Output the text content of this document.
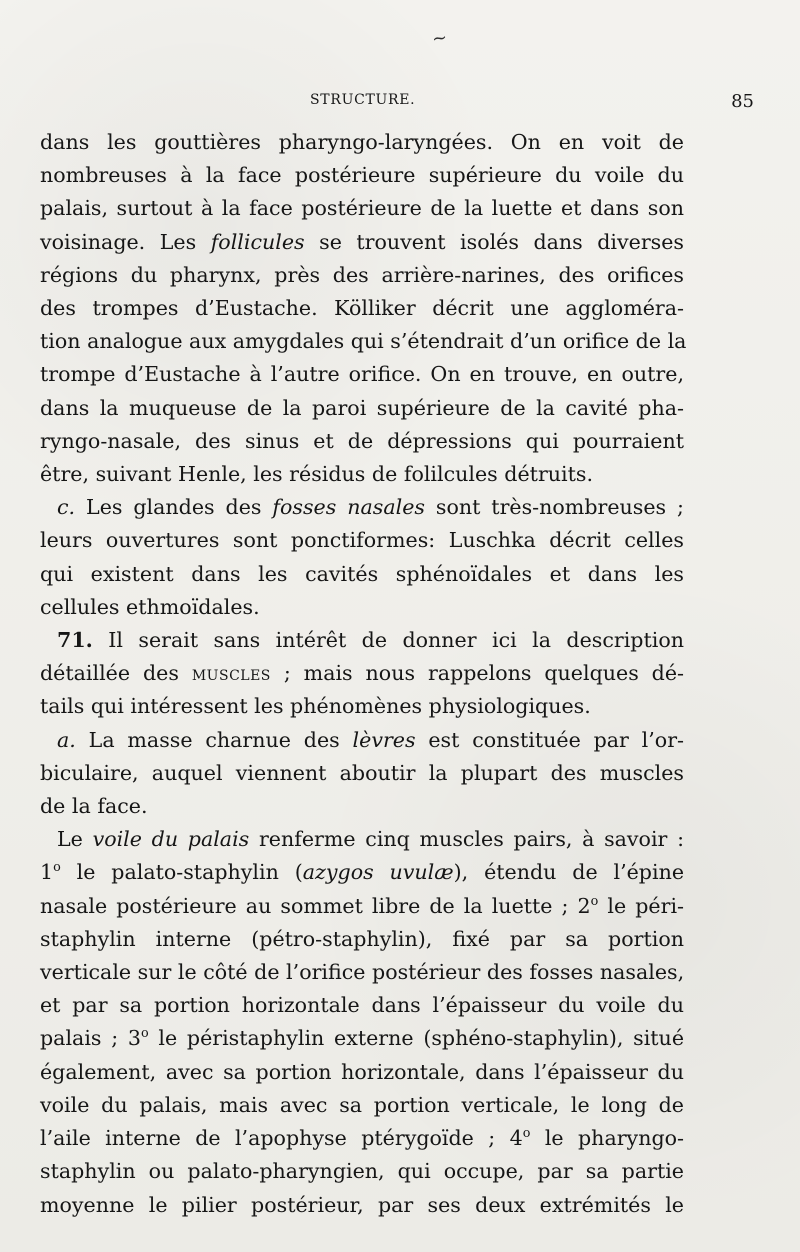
~
STRUCTURE.	85
dans les gouttières pharyngo-laryngées. On en voit de
nombreuses à la face postérieure supérieure du voile du
palais, surtout à la face postérieure de la luette et dans son
voisinage. Les follicules se trouvent isolés dans diverses
régions du pharynx, près des arrière-narines, des orifices
des trompes d’Eustache. Kölliker décrit une aggloméra-
tion analogue aux amygdales qui s’étendrait d’un orifice de la
trompe d’Eustache à l’autre orifice. On en trouve, en outre,
dans la muqueuse de la paroi supérieure de la cavité pha-
ryngo-nasale, des sinus et de dépressions qui pourraient
être, suivant Henle, les résidus de folilcules détruits.
c. Les glandes des fosses nasales sont très-nombreuses ;
leurs ouvertures sont ponctiformes: Luschka décrit celles
qui existent dans les cavités sphénoïdales et dans les
cellules ethmoïdales.
71. Il serait sans intérêt de donner ici la description
détaillée des muscles ; mais nous rappelons quelques dé-
tails qui intéressent les phénomènes physiologiques.
a. La masse charnue des lèvres est constituée par l’or-
biculaire, auquel viennent aboutir la plupart des muscles
de la face.
Le voile du palais renferme cinq muscles pairs, à savoir :
1$^o$ le palato-staphylin (azygos uvulæ), étendu de l’épine
nasale postérieure au sommet libre de la luette ; 2$^o$ le péri-
staphylin interne (pétro-staphylin), fixé par sa portion
verticale sur le côté de l’orifice postérieur des fosses nasales,
et par sa portion horizontale dans l’épaisseur du voile du
palais ; 3$^o$ le péristaphylin externe (sphéno-staphylin), situé
également, avec sa portion horizontale, dans l’épaisseur du
voile du palais, mais avec sa portion verticale, le long de
l’aile interne de l’apophyse ptérygoïde ; 4$^o$ le pharyngo-
staphylin ou palato-pharyngien, qui occupe, par sa partie
moyenne le pilier postérieur, par ses deux extrémités le
